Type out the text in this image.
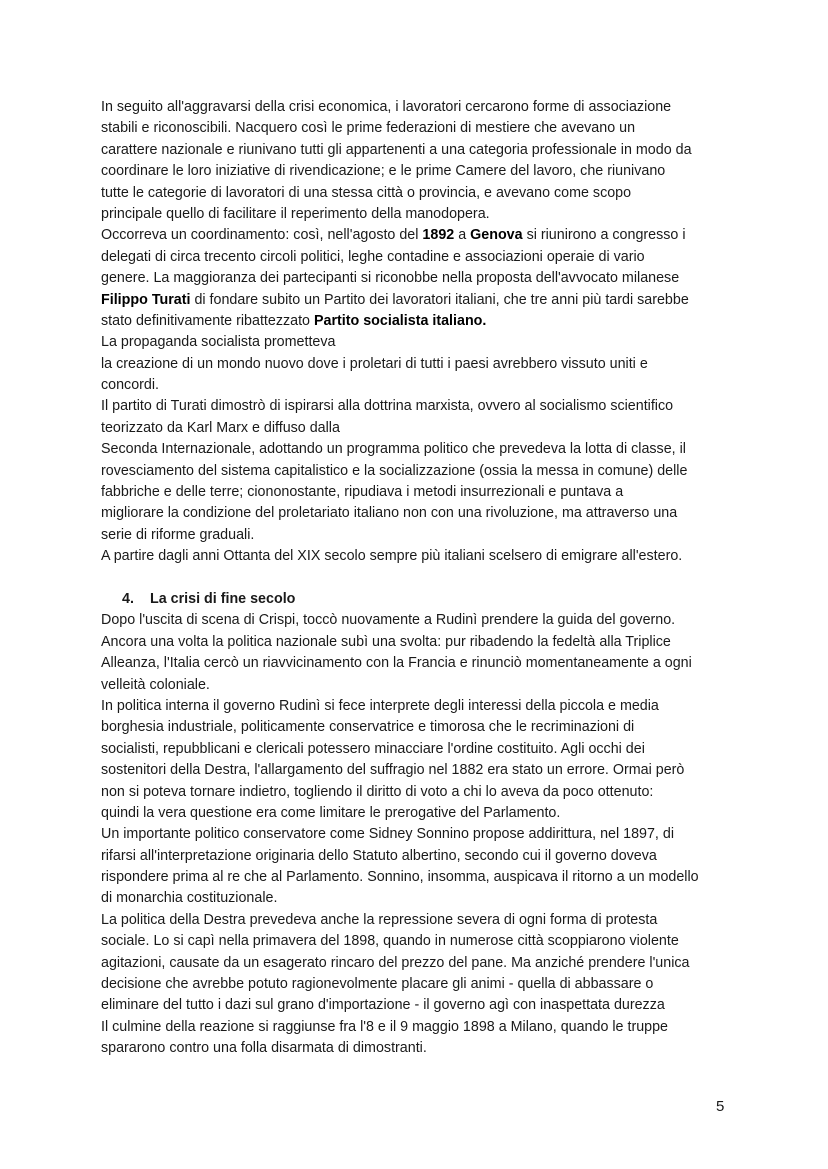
In seguito all'aggravarsi della crisi economica, i lavoratori cercarono forme di associazione
stabili e riconoscibili. Nacquero così le prime federazioni di mestiere che avevano un
carattere nazionale e riunivano tutti gli appartenenti a una categoria professionale in modo da
coordinare le loro iniziative di rivendicazione; e le prime Camere del lavoro, che riunivano
tutte le categorie di lavoratori di una stessa città o provincia, e avevano come scopo
principale quello di facilitare il reperimento della manodopera.
Occorreva un coordinamento: così, nell'agosto del 1892 a Genova si riunirono a congresso i
delegati di circa trecento circoli politici, leghe contadine e associazioni operaie di vario
genere. La maggioranza dei partecipanti si riconobbe nella proposta dell'avvocato milanese
Filippo Turati di fondare subito un Partito dei lavoratori italiani, che tre anni più tardi sarebbe
stato definitivamente ribattezzato Partito socialista italiano.
La propaganda socialista prometteva
la creazione di un mondo nuovo dove i proletari di tutti i paesi avrebbero vissuto uniti e
concordi.
Il partito di Turati dimostrò di ispirarsi alla dottrina marxista, ovvero al socialismo scientifico
teorizzato da Karl Marx e diffuso dalla
Seconda Internazionale, adottando un programma politico che prevedeva la lotta di classe, il
rovesciamento del sistema capitalistico e la socializzazione (ossia la messa in comune) delle
fabbriche e delle terre; ciononostante, ripudiava i metodi insurrezionali e puntava a
migliorare la condizione del proletariato italiano non con una rivoluzione, ma attraverso una
serie di riforme graduali.
A partire dagli anni Ottanta del XIX secolo sempre più italiani scelsero di emigrare all'estero.
4. La crisi di fine secolo
Dopo l'uscita di scena di Crispi, toccò nuovamente a Rudinì prendere la guida del governo.
Ancora una volta la politica nazionale subì una svolta: pur ribadendo la fedeltà alla Triplice
Alleanza, l'Italia cercò un riavvicinamento con la Francia e rinunciò momentaneamente a ogni
velleità coloniale.
In politica interna il governo Rudinì si fece interprete degli interessi della piccola e media
borghesia industriale, politicamente conservatrice e timorosa che le recriminazioni di
socialisti, repubblicani e clericali potessero minacciare l'ordine costituito. Agli occhi dei
sostenitori della Destra, l'allargamento del suffragio nel 1882 era stato un errore. Ormai però
non si poteva tornare indietro, togliendo il diritto di voto a chi lo aveva da poco ottenuto:
quindi la vera questione era come limitare le prerogative del Parlamento.
Un importante politico conservatore come Sidney Sonnino propose addirittura, nel 1897, di
rifarsi all'interpretazione originaria dello Statuto albertino, secondo cui il governo doveva
rispondere prima al re che al Parlamento. Sonnino, insomma, auspicava il ritorno a un modello
di monarchia costituzionale.
La politica della Destra prevedeva anche la repressione severa di ogni forma di protesta
sociale. Lo si capì nella primavera del 1898, quando in numerose città scoppiarono violente
agitazioni, causate da un esagerato rincaro del prezzo del pane. Ma anziché prendere l'unica
decisione che avrebbe potuto ragionevolmente placare gli animi - quella di abbassare o
eliminare del tutto i dazi sul grano d'importazione - il governo agì con inaspettata durezza
Il culmine della reazione si raggiunse fra l'8 e il 9 maggio 1898 a Milano, quando le truppe
spararono contro una folla disarmata di dimostranti.
5
